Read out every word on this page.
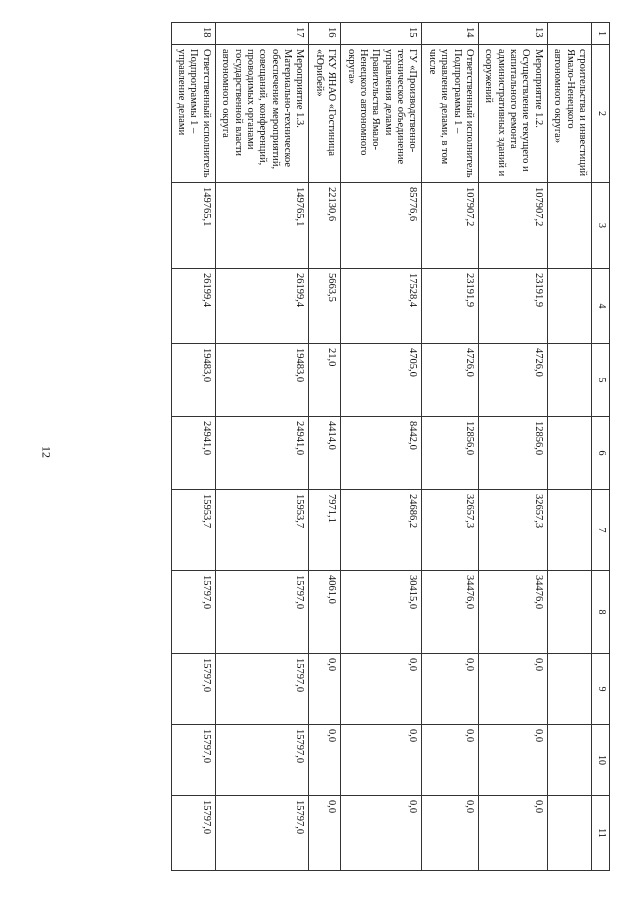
12
1	2	3	4	5	6	7	8	9	10	11
	строительства и инвестиций Ямало-Ненецкого автономного округа»									
13	Мероприятие 1.2. Осуществление текущего и капитального ремонта административных зданий и сооружений	107907,2	23191,9	4726,0	12856,0	32657,3	34476,0	0,0	0,0	0,0
14	Ответственный исполнитель Подпрограммы 1 – управление делами, в том числе	107907,2	23191,9	4726,0	12856,0	32657,3	34476,0	0,0	0,0	0,0
15	ГУ «Производственно-техническое объединение управления делами Правительства Ямало-Ненецкого автономного округа»	85776,6	17528,4	4705,0	8442,0	24686,2	30415,0	0,0	0,0	0,0
16	ГКУ ЯНАО «Гостиница «Юрибей»	22130,6	5663,5	21,0	4414,0	7971,1	4061,0	0,0	0,0	0,0
17	Мероприятие 1.3. Материально-техническое обеспечение мероприятий, совещаний, конференций, проводимых органами государственной власти автономного округа	149765,1	26199,4	19483,0	24941,0	15953,7	15797,0	15797,0	15797,0	15797,0
18	Ответственный исполнитель Подпрограммы 1 – управление делами	149765,1	26199,4	19483,0	24941,0	15953,7	15797,0	15797,0	15797,0	15797,0
